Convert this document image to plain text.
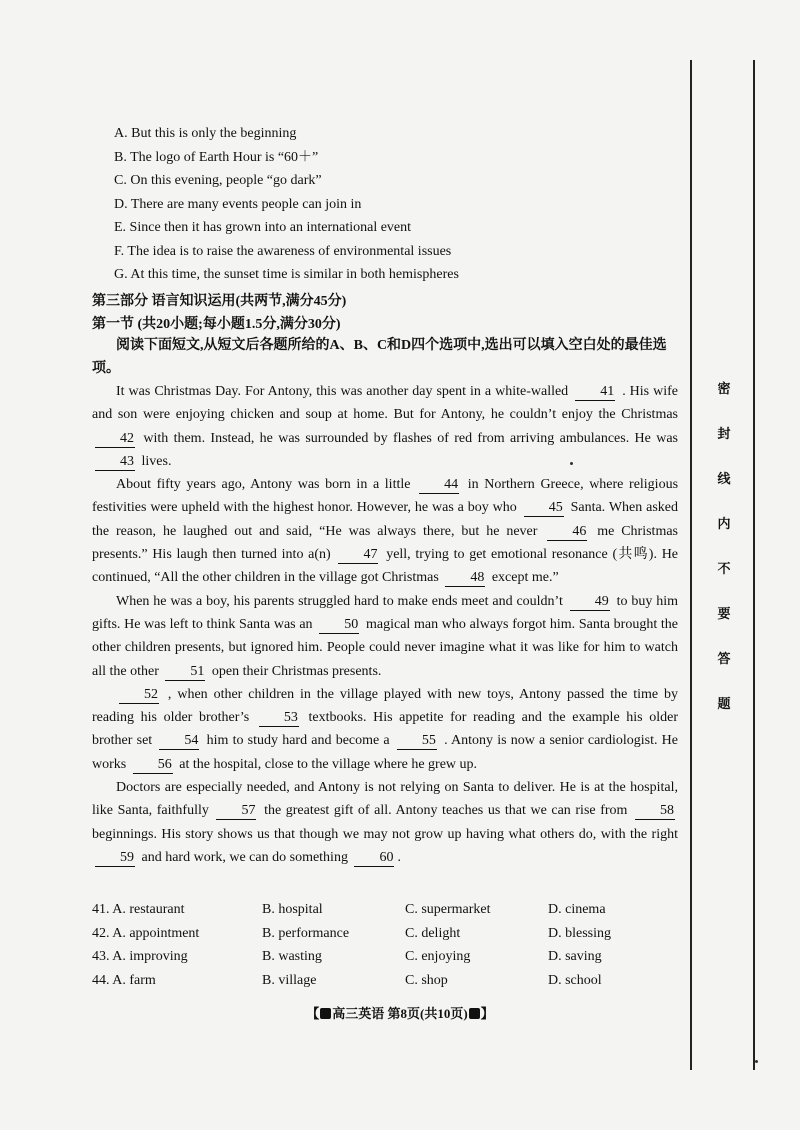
A. But this is only the beginning
B. The logo of Earth Hour is “60＋”
C. On this evening, people “go dark”
D. There are many events people can join in
E. Since then it has grown into an international event
F. The idea is to raise the awareness of environmental issues
G. At this time, the sunset time is similar in both hemispheres
第三部分 语言知识运用(共两节,满分45分)
第一节 (共20小题;每小题1.5分,满分30分)
阅读下面短文,从短文后各题所给的A、B、C和D四个选项中,选出可以填入空白处的最佳选项。

It was Christmas Day. For Antony, this was another day spent in a white-walled 41 . His wife and son were enjoying chicken and soup at home. But for Antony, he couldn’t enjoy the Christmas 42 with them. Instead, he was surrounded by flashes of red from arriving ambulances. He was 43 lives.

About fifty years ago, Antony was born in a little 44 in Northern Greece, where religious festivities were upheld with the highest honor. However, he was a boy who 45 Santa. When asked the reason, he laughed out and said, “He was always there, but he never 46 me Christmas presents.” His laugh then turned into a(n) 47 yell, trying to get emotional resonance (共鸣). He continued, “All the other children in the village got Christmas 48 except me.”

When he was a boy, his parents struggled hard to make ends meet and couldn’t 49 to buy him gifts. He was left to think Santa was an 50 magical man who always forgot him. Santa brought the other children presents, but ignored him. People could never imagine what it was like for him to watch all the other 51 open their Christmas presents.

52 , when other children in the village played with new toys, Antony passed the time by reading his older brother’s 53 textbooks. His appetite for reading and the example his older brother set 54 him to study hard and become a 55 . Antony is now a senior cardiologist. He works 56 at the hospital, close to the village where he grew up.

Doctors are especially needed, and Antony is not relying on Santa to deliver. He is at the hospital, like Santa, faithfully 57 the greatest gift of all. Antony teaches us that we can rise from 58 beginnings. His story shows us that though we may not grow up having what others do, with the right 59 and hard work, we can do something 60 .

41. A. restaurant	B. hospital	C. supermarket	D. cinema
42. A. appointment	B. performance	C. delight	D. blessing
43. A. improving	B. wasting	C. enjoying	D. saving
44. A. farm	B. village	C. shop	D. school
【 高三英语 第8页(共10页) 】
密
封
线
内
不
要
答
题
